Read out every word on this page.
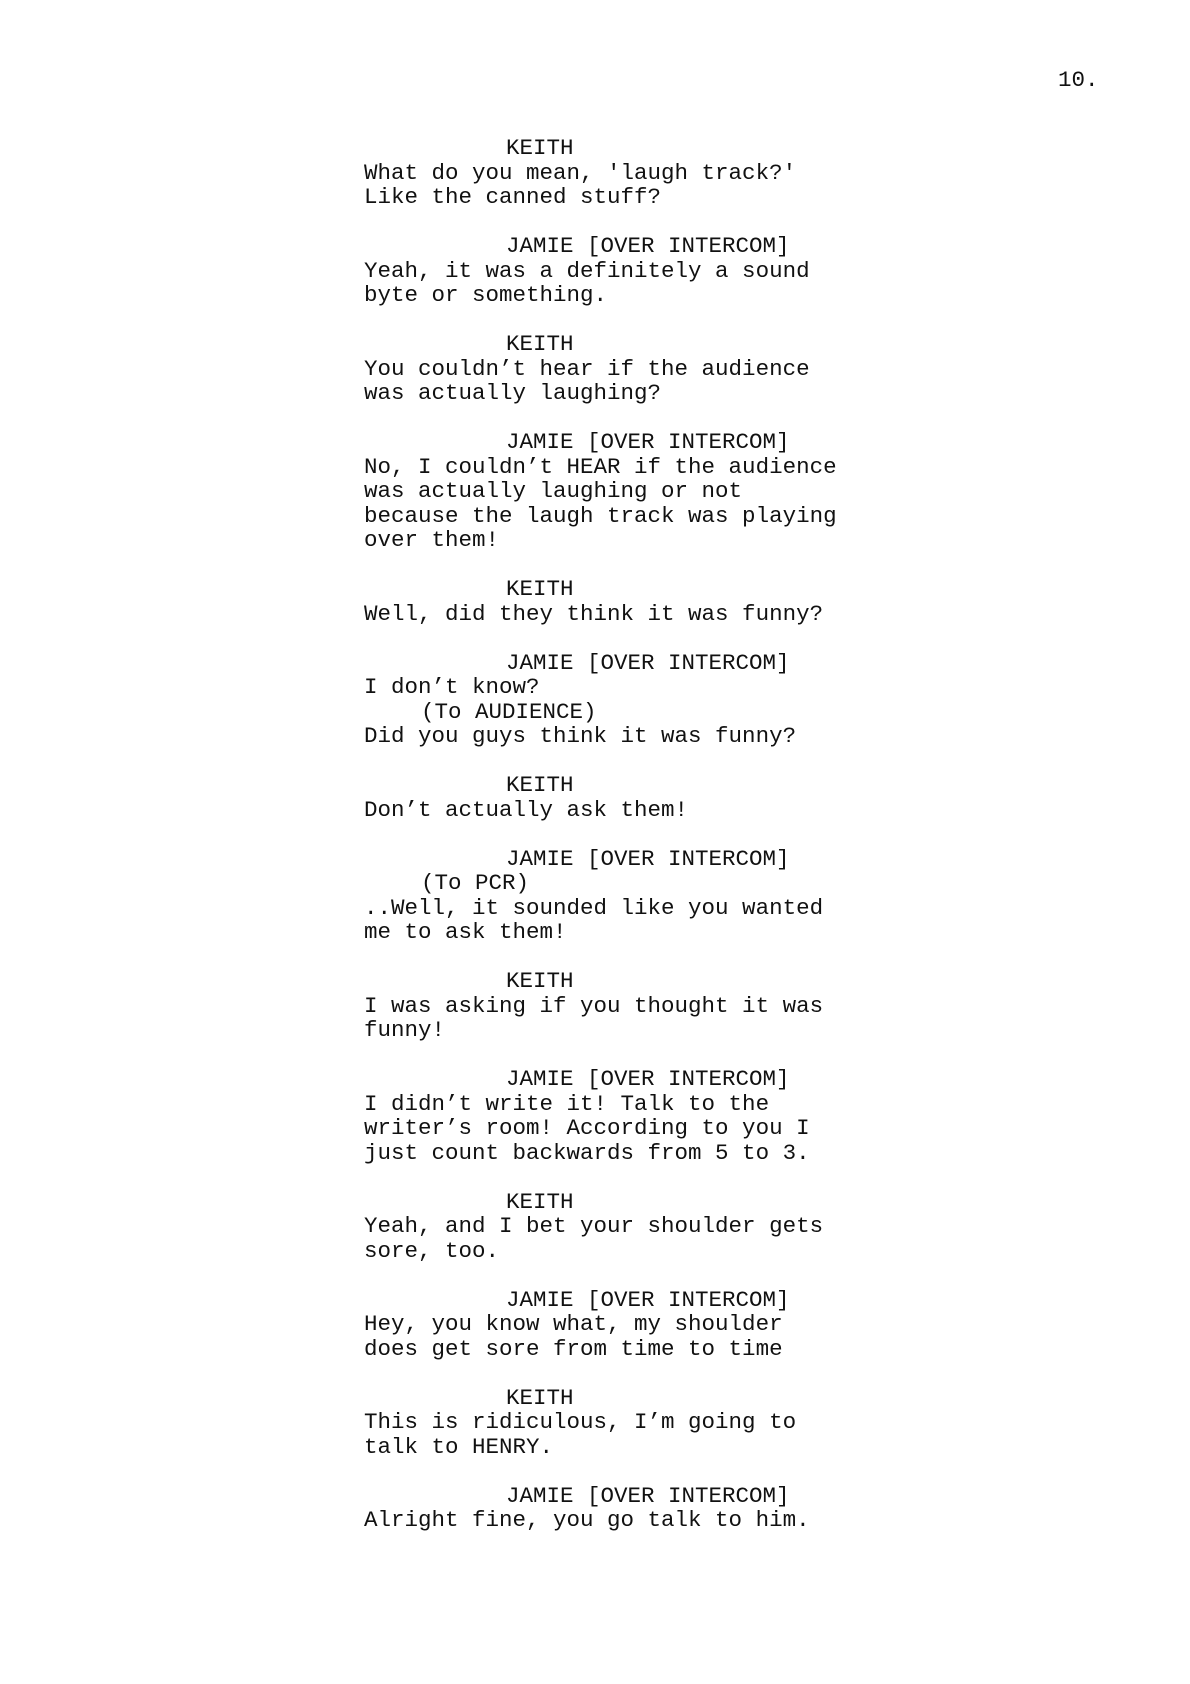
10.
KEITH
What do you mean, 'laugh track?'
Like the canned stuff?
JAMIE [OVER INTERCOM]
Yeah, it was a definitely a sound
byte or something.
KEITH
You couldn’t hear if the audience
was actually laughing?
JAMIE [OVER INTERCOM]
No, I couldn’t HEAR if the audience
was actually laughing or not
because the laugh track was playing
over them!
KEITH
Well, did they think it was funny?
JAMIE [OVER INTERCOM]
I don’t know?
(To AUDIENCE)
Did you guys think it was funny?
KEITH
Don’t actually ask them!
JAMIE [OVER INTERCOM]
(To PCR)
..Well, it sounded like you wanted
me to ask them!
KEITH
I was asking if you thought it was
funny!
JAMIE [OVER INTERCOM]
I didn’t write it! Talk to the
writer’s room! According to you I
just count backwards from 5 to 3.
KEITH
Yeah, and I bet your shoulder gets
sore, too.
JAMIE [OVER INTERCOM]
Hey, you know what, my shoulder
does get sore from time to time
KEITH
This is ridiculous, I’m going to
talk to HENRY.
JAMIE [OVER INTERCOM]
Alright fine, you go talk to him.
